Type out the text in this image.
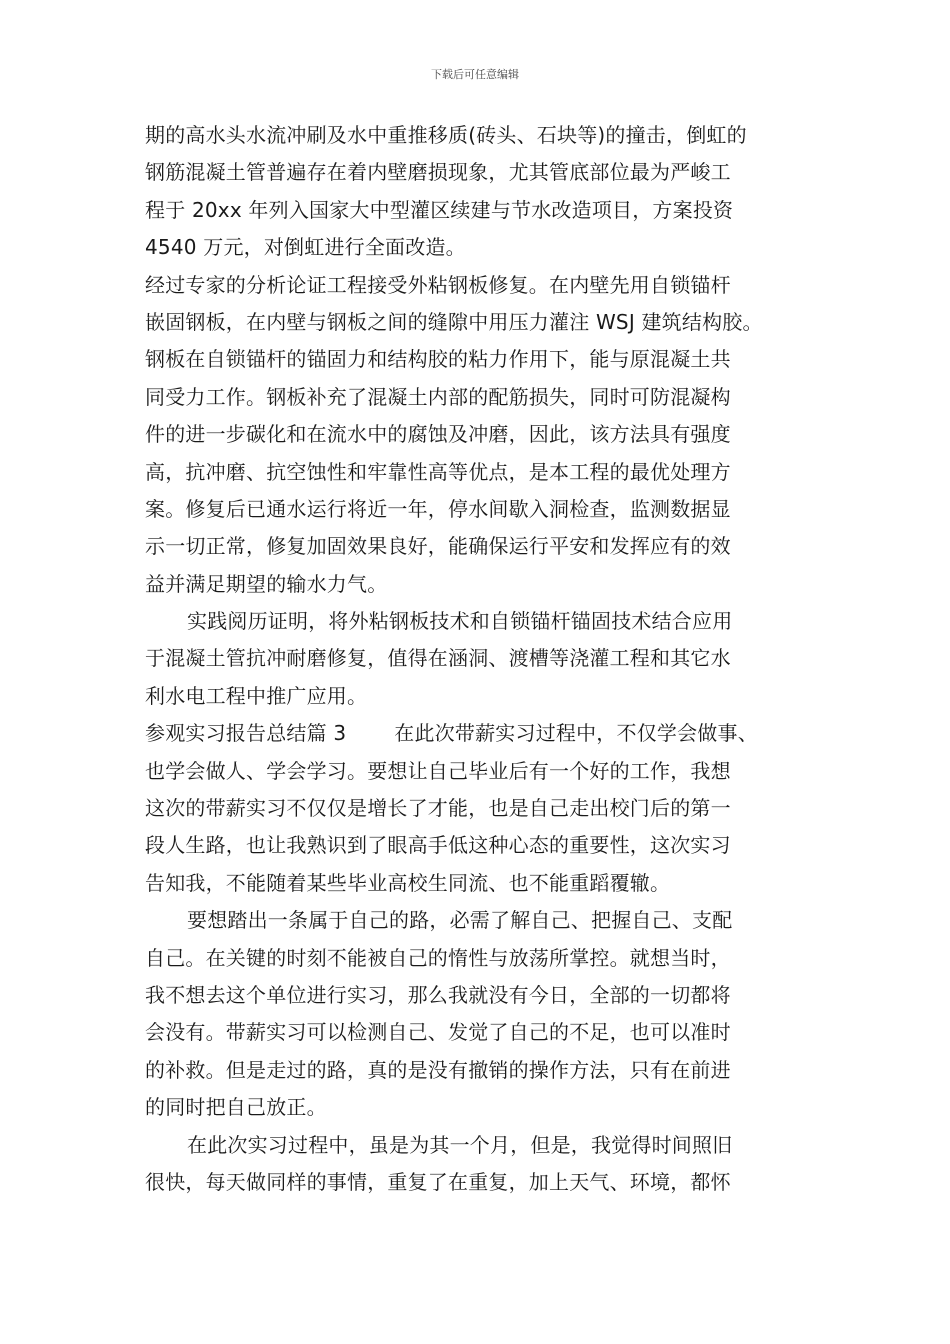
下载后可任意编辑
期的高水头水流冲刷及水中重推移质(砖头、石块等)的撞击，倒虹的
钢筋混凝土管普遍存在着内壁磨损现象，尤其管底部位最为严峻工
程于 20xx 年列入国家大中型灌区续建与节水改造项目，方案投资
4540 万元，对倒虹进行全面改造。
经过专家的分析论证工程接受外粘钢板修复。在内壁先用自锁锚杆
嵌固钢板，在内壁与钢板之间的缝隙中用压力灌注 WSJ 建筑结构胶。
钢板在自锁锚杆的锚固力和结构胶的粘力作用下，能与原混凝土共
同受力工作。钢板补充了混凝土内部的配筋损失，同时可防混凝构
件的进一步碳化和在流水中的腐蚀及冲磨，因此，该方法具有强度
高，抗冲磨、抗空蚀性和牢靠性高等优点，是本工程的最优处理方
案。修复后已通水运行将近一年，停水间歇入洞检查，监测数据显
示一切正常，修复加固效果良好，能确保运行平安和发挥应有的效
益并满足期望的输水力气。
实践阅历证明，将外粘钢板技术和自锁锚杆锚固技术结合应用
于混凝土管抗冲耐磨修复，值得在涵洞、渡槽等浇灌工程和其它水
利水电工程中推广应用。
参观实习报告总结篇 3 在此次带薪实习过程中，不仅学会做事、
也学会做人、学会学习。要想让自己毕业后有一个好的工作，我想
这次的带薪实习不仅仅是增长了才能，也是自己走出校门后的第一
段人生路，也让我熟识到了眼高手低这种心态的重要性，这次实习
告知我，不能随着某些毕业高校生同流、也不能重蹈覆辙。
要想踏出一条属于自己的路，必需了解自己、把握自己、支配
自己。在关键的时刻不能被自己的惰性与放荡所掌控。就想当时，
我不想去这个单位进行实习，那么我就没有今日，全部的一切都将
会没有。带薪实习可以检测自己、发觉了自己的不足，也可以准时
的补救。但是走过的路，真的是没有撤销的操作方法，只有在前进
的同时把自己放正。
在此次实习过程中，虽是为其一个月，但是，我觉得时间照旧
很快，每天做同样的事情，重复了在重复，加上天气、环境，都怀
